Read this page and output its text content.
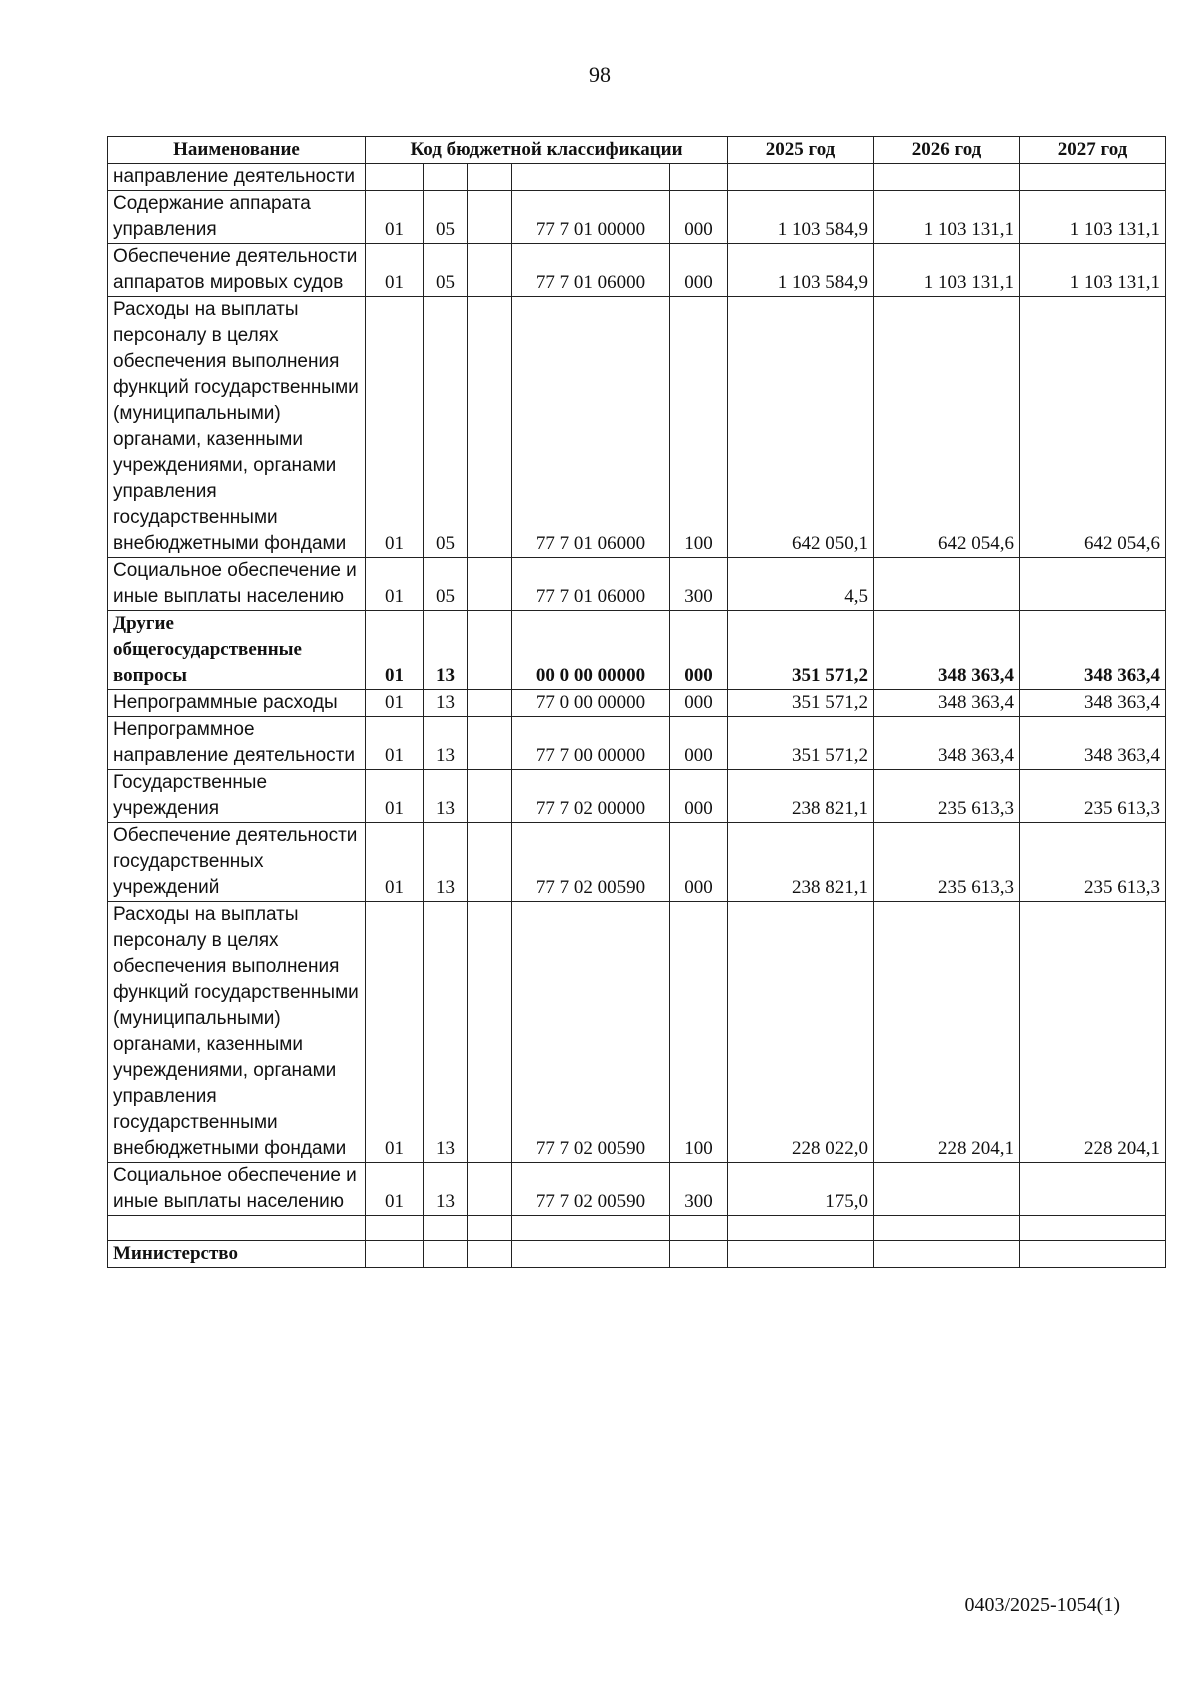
98
Наименование	Код бюджетной классификации					2025 год	2026 год	2027 год
направление деятельности								
Содержание аппарата управления	01	05		77 7 01 00000	000	1 103 584,9	1 103 131,1	1 103 131,1
Обеспечение деятельности аппаратов мировых судов	01	05		77 7 01 06000	000	1 103 584,9	1 103 131,1	1 103 131,1
Расходы на выплаты персоналу в целях обеспечения выполнения функций государственными (муниципальными) органами, казенными учреждениями, органами управления государственными внебюджетными фондами	01	05		77 7 01 06000	100	642 050,1	642 054,6	642 054,6
Социальное обеспечение и иные выплаты населению	01	05		77 7 01 06000	300	4,5		
Другие общегосударственные вопросы	01	13		00 0 00 00000	000	351 571,2	348 363,4	348 363,4
Непрограммные расходы	01	13		77 0 00 00000	000	351 571,2	348 363,4	348 363,4
Непрограммное направление деятельности	01	13		77 7 00 00000	000	351 571,2	348 363,4	348 363,4
Государственные учреждения	01	13		77 7 02 00000	000	238 821,1	235 613,3	235 613,3
Обеспечение деятельности государственных учреждений	01	13		77 7 02 00590	000	238 821,1	235 613,3	235 613,3
Расходы на выплаты персоналу в целях обеспечения выполнения функций государственными (муниципальными) органами, казенными учреждениями, органами управления государственными внебюджетными фондами	01	13		77 7 02 00590	100	228 022,0	228 204,1	228 204,1
Социальное обеспечение и иные выплаты населению	01	13		77 7 02 00590	300	175,0		

Министерство								
0403/2025-1054(1)
